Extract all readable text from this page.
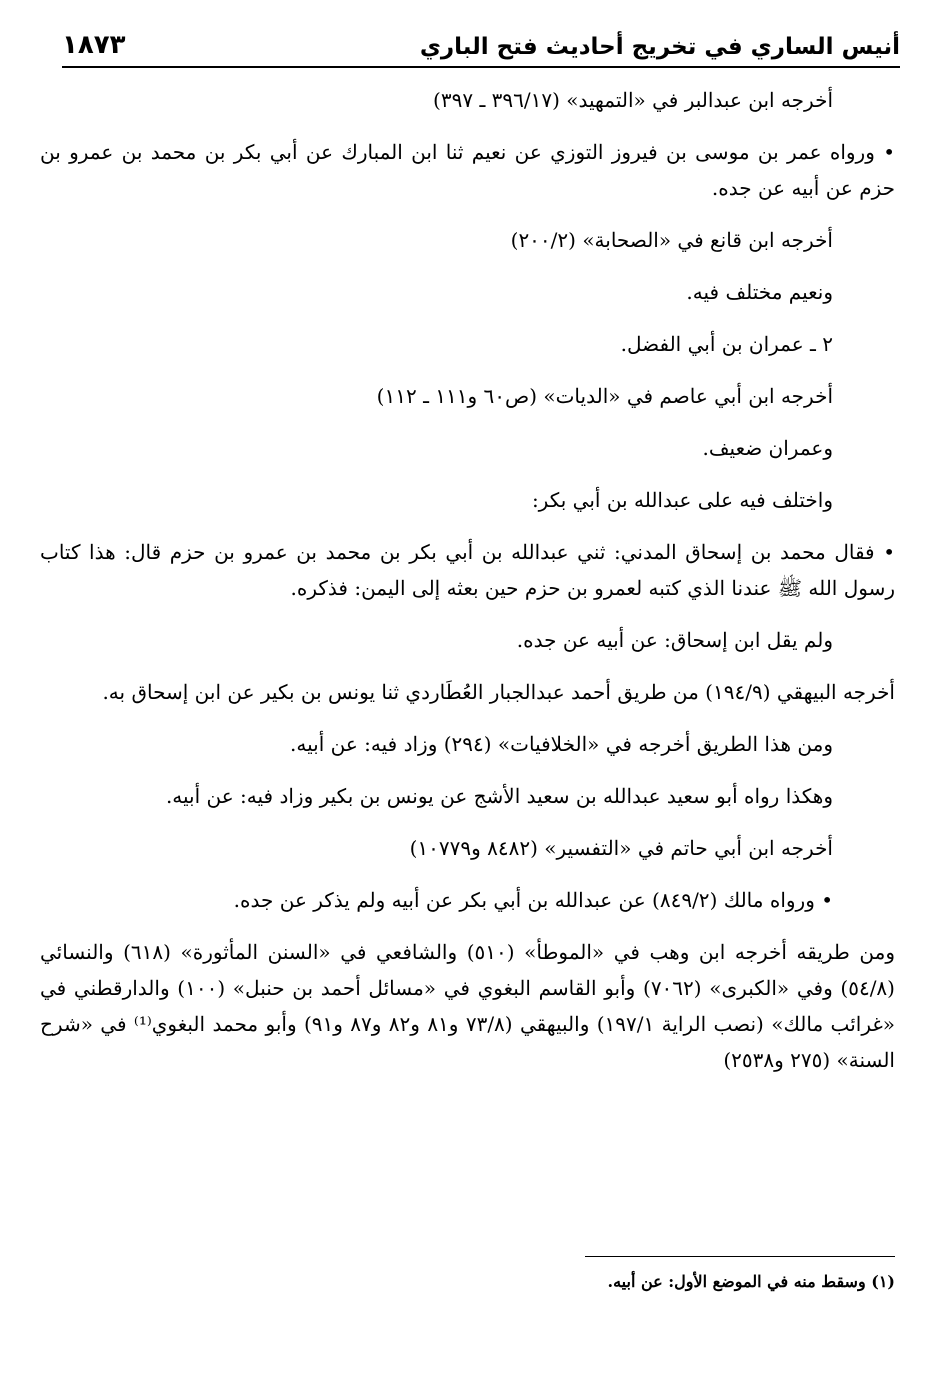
أنيس الساري في تخريج أحاديث فتح الباري
١٨٧٣

أخرجه ابن عبدالبر في «التمهيد» (٣٩٦/١٧ ـ ٣٩٧)

• ورواه عمر بن موسى بن فيروز التوزي عن نعيم ثنا ابن المبارك عن أبي بكر بن محمد بن عمرو بن حزم عن أبيه عن جده.

أخرجه ابن قانع في «الصحابة» (٢٠٠/٢)

ونعيم مختلف فيه.

٢ ـ عمران بن أبي الفضل.

أخرجه ابن أبي عاصم في «الديات» (ص٦٠ و١١١ ـ ١١٢)

وعمران ضعيف.

واختلف فيه على عبدالله بن أبي بكر:

• فقال محمد بن إسحاق المدني: ثني عبدالله بن أبي بكر بن محمد بن عمرو بن حزم قال: هذا كتاب رسول الله ﷺ عندنا الذي كتبه لعمرو بن حزم حين بعثه إلى اليمن: فذكره.

ولم يقل ابن إسحاق: عن أبيه عن جده.

أخرجه البيهقي (١٩٤/٩) من طريق أحمد عبدالجبار العُطَاردي ثنا يونس بن بكير عن ابن إسحاق به.

ومن هذا الطريق أخرجه في «الخلافيات» (٢٩٤) وزاد فيه: عن أبيه.

وهكذا رواه أبو سعيد عبدالله بن سعيد الأشج عن يونس بن بكير وزاد فيه: عن أبيه.

أخرجه ابن أبي حاتم في «التفسير» (٨٤٨٢ و١٠٧٧٩)

• ورواه مالك (٨٤٩/٢) عن عبدالله بن أبي بكر عن أبيه ولم يذكر عن جده.

ومن طريقه أخرجه ابن وهب في «الموطأ» (٥١٠) والشافعي في «السنن المأثورة» (٦١٨) والنسائي (٥٤/٨) وفي «الكبرى» (٧٠٦٢) وأبو القاسم البغوي في «مسائل أحمد بن حنبل» (١٠٠) والدارقطني في «غرائب مالك» (نصب الراية ١٩٧/١) والبيهقي (٧٣/٨ و٨١ و٨٢ و٨٧ و٩١) وأبو محمد البغوي⁽¹⁾ في «شرح السنة» (٢٧٥ و٢٥٣٨)

(١) وسقط منه في الموضع الأول: عن أبيه.
